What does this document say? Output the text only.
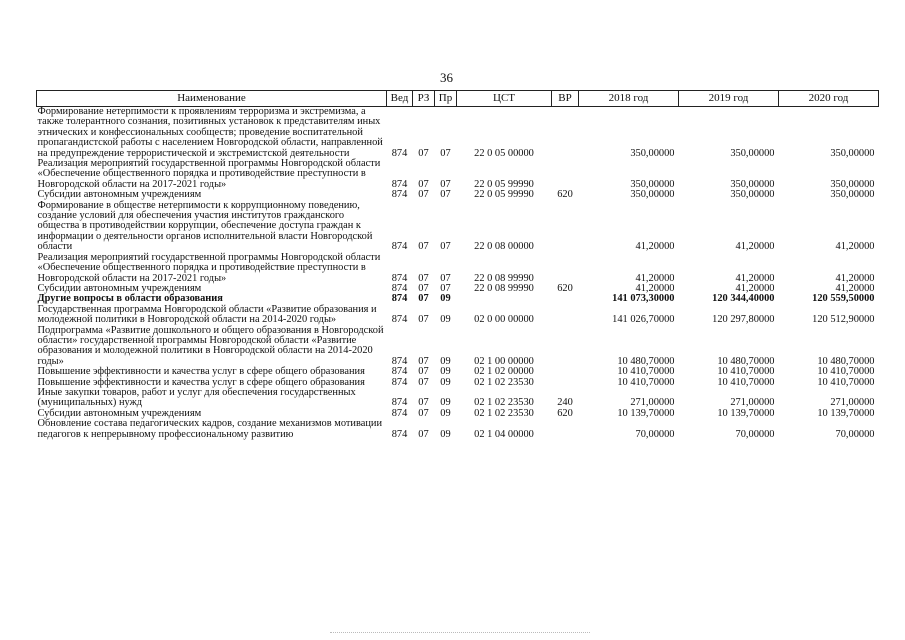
36
Наименование	Вед	РЗ	Пр	ЦСТ	ВР	2018 год	2019 год	2020 год
Формирование нетерпимости к проявлениям терроризма и экстремизма, а также толерантного сознания, позитивных установок к представителям иных этнических и конфессиональных сообществ; проведение воспитательной пропагандистской работы с населением Новгородской области, направленной на предупреждение террористической и экстремистской деятельности	874	07	07	22 0 05 00000		350,00000	350,00000	350,00000
Реализация мероприятий государственной программы Новгородской области «Обеспечение общественного порядка и противодействие преступности в Новгородской области на 2017-2021 годы»	874	07	07	22 0 05 99990		350,00000	350,00000	350,00000
Субсидии автономным учреждениям	874	07	07	22 0 05 99990	620	350,00000	350,00000	350,00000
Формирование в обществе нетерпимости к коррупционному поведению, создание условий для обеспечения участия институтов гражданского общества в противодействии коррупции, обеспечение доступа граждан к информации о деятельности органов исполнительной власти Новгородской области	874	07	07	22 0 08 00000		41,20000	41,20000	41,20000
Реализация мероприятий государственной программы Новгородской области «Обеспечение общественного порядка и противодействие преступности в Новгородской области на 2017-2021 годы»	874	07	07	22 0 08 99990		41,20000	41,20000	41,20000
Субсидии автономным учреждениям	874	07	07	22 0 08 99990	620	41,20000	41,20000	41,20000
Другие вопросы в области образования	874	07	09			141 073,30000	120 344,40000	120 559,50000
Государственная программа Новгородской области «Развитие образования и молодежной политики в Новгородской области на 2014-2020 годы»	874	07	09	02 0 00 00000		141 026,70000	120 297,80000	120 512,90000
Подпрограмма «Развитие дошкольного и общего образования в Новгородской области» государственной программы Новгородской области «Развитие образования и молодежной политики в Новгородской области на 2014-2020 годы»	874	07	09	02 1 00 00000		10 480,70000	10 480,70000	10 480,70000
Повышение эффективности и качества услуг в сфере общего образования	874	07	09	02 1 02 00000		10 410,70000	10 410,70000	10 410,70000
Повышение эффективности и качества услуг в сфере общего образования	874	07	09	02 1 02 23530		10 410,70000	10 410,70000	10 410,70000
Иные закупки товаров, работ и услуг для обеспечения государственных (муниципальных) нужд	874	07	09	02 1 02 23530	240	271,00000	271,00000	271,00000
Субсидии автономным учреждениям	874	07	09	02 1 02 23530	620	10 139,70000	10 139,70000	10 139,70000
Обновление состава педагогических кадров, создание механизмов мотивации педагогов к непрерывному профессиональному развитию	874	07	09	02 1 04 00000		70,00000	70,00000	70,00000
